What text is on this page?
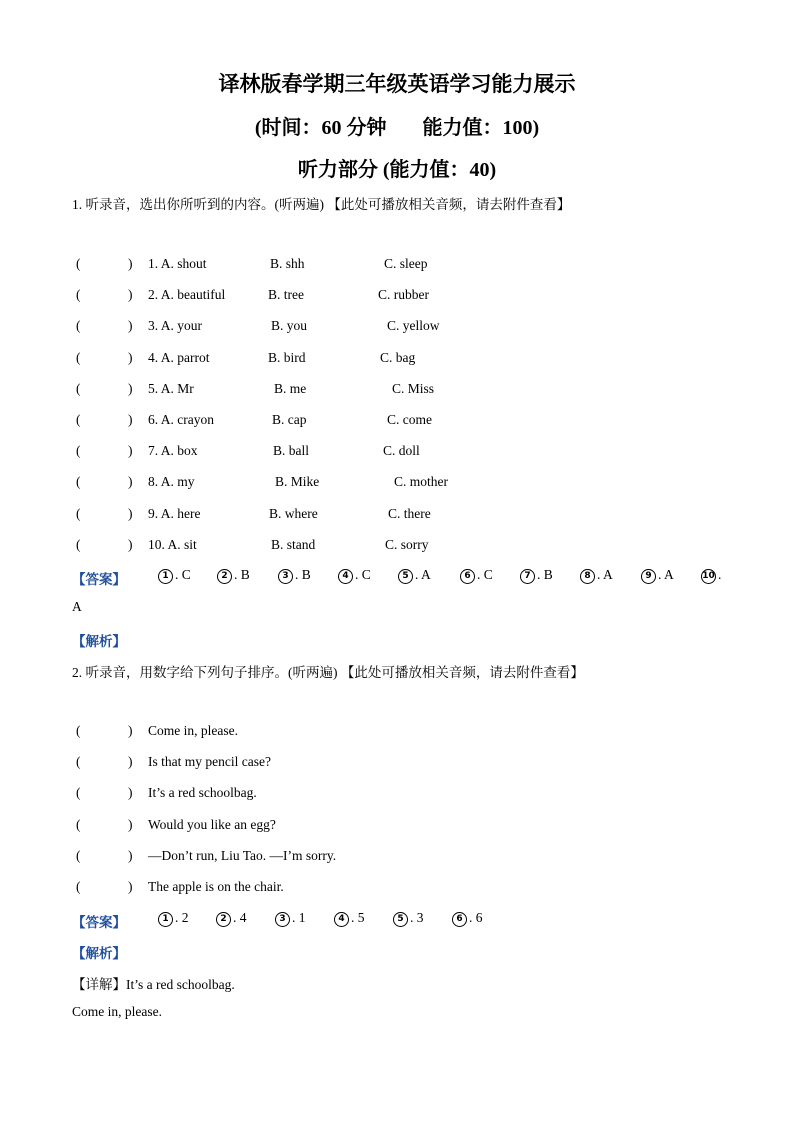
译林版春学期三年级英语学习能力展示
(时间：60 分钟 能力值：100)
听力部分 (能力值：40)
1. 听录音，选出你所听到的内容。(听两遍) 【此处可播放相关音频，请去附件查看】
(	) 1. A. shout	B. shh	C. sleep
(	) 2. A. beautiful	B. tree	C. rubber
(	) 3. A. your	B. you	C. yellow
(	) 4. A. parrot	B. bird	C. bag
(	) 5. A. Mr	B. me	C. Miss
(	) 6. A. crayon	B. cap	C. come
(	) 7. A. box	B. ball	C. doll
(	) 8. A. my	B. Mike	C. mother
(	) 9. A. here	B. where	C. there
(	) 10. A. sit	B. stand	C. sorry
【答案】	1 . C	2 . B	3 . B	4 . C	5 . A	6 . C	7 . B	8 . A	9 . A	10 .
A
【解析】
2. 听录音，用数字给下列句子排序。(听两遍) 【此处可播放相关音频，请去附件查看】
(	) Come in, please.
(	) Is that my pencil case?
(	) It’s a red schoolbag.
(	) Would you like an egg?
(	) —Don’t run, Liu Tao. —I’m sorry.
(	) The apple is on the chair.
【答案】	1 . 2	2 . 4	3 . 1	4 . 5	5 . 3	6 . 6
【解析】
【详解】It’s a red schoolbag.
Come in, please.
